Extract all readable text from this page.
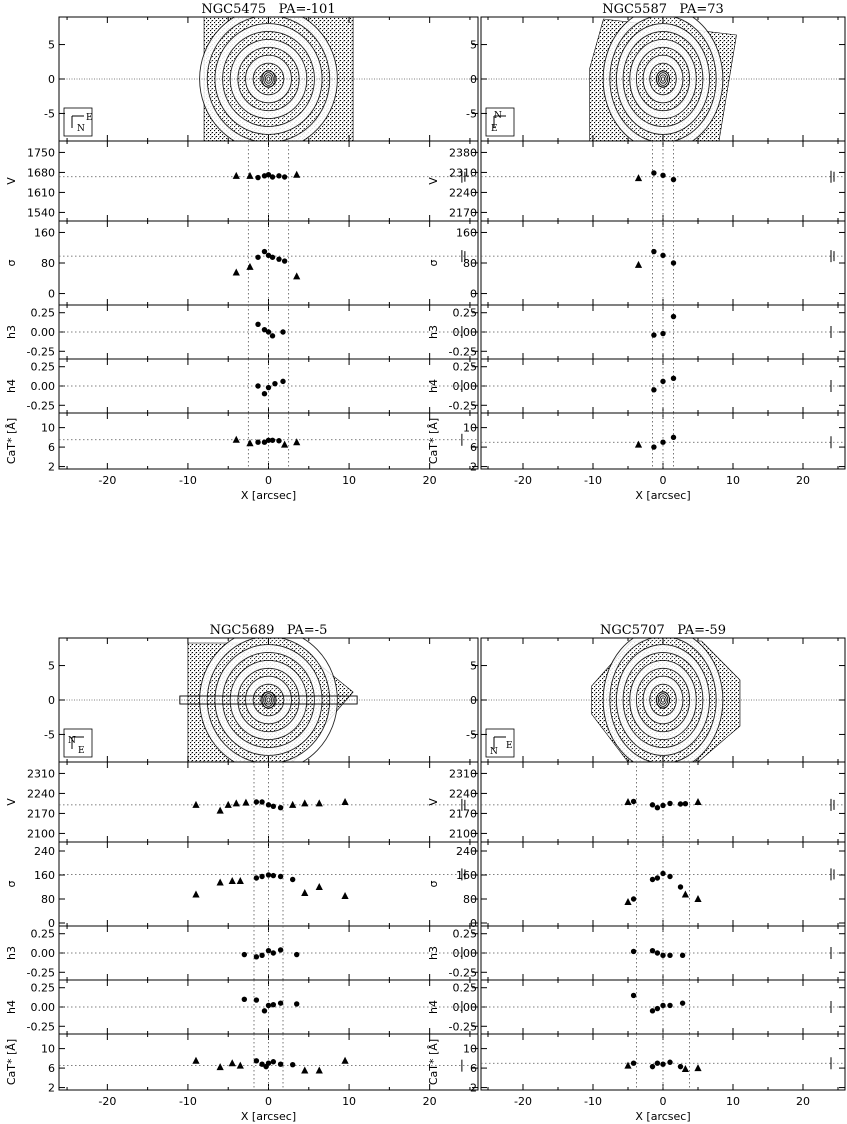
NGC5475   PA=-101
N
E
-5
0
5
1540
1610
1680
1750
V
0
80
160
σ
-0.25
0.00
0.25
h3
-0.25
0.00
0.25
h4
2
6
10
CaT* [Å]
-20	-10	0	10	20
X [arcsec]
NGC5587   PA=73
N
E
-5
0
5
2170
2240
2310
2380
V
0
80
160
σ
-0.25
0.00
0.25
h3
-0.25
0.00
0.25
h4
2
6
10
CaT* [Å]
-20	-10	0	10	20
X [arcsec]
NGC5689   PA=-5
N
E
-5
0
5
2100
2170
2240
2310
V
0
80
160
240
σ
-0.25
0.00
0.25
h3
-0.25
0.00
0.25
h4
2
6
10
CaT* [Å]
-20	-10	0	10	20
X [arcsec]
NGC5707   PA=-59
N
E
-5
0
5
2100
2170
2240
2310
V
0
80
160
240
σ
-0.25
0.00
0.25
h3
-0.25
0.00
0.25
h4
2
6
10
CaT* [Å]
-20	-10	0	10	20
X [arcsec]
